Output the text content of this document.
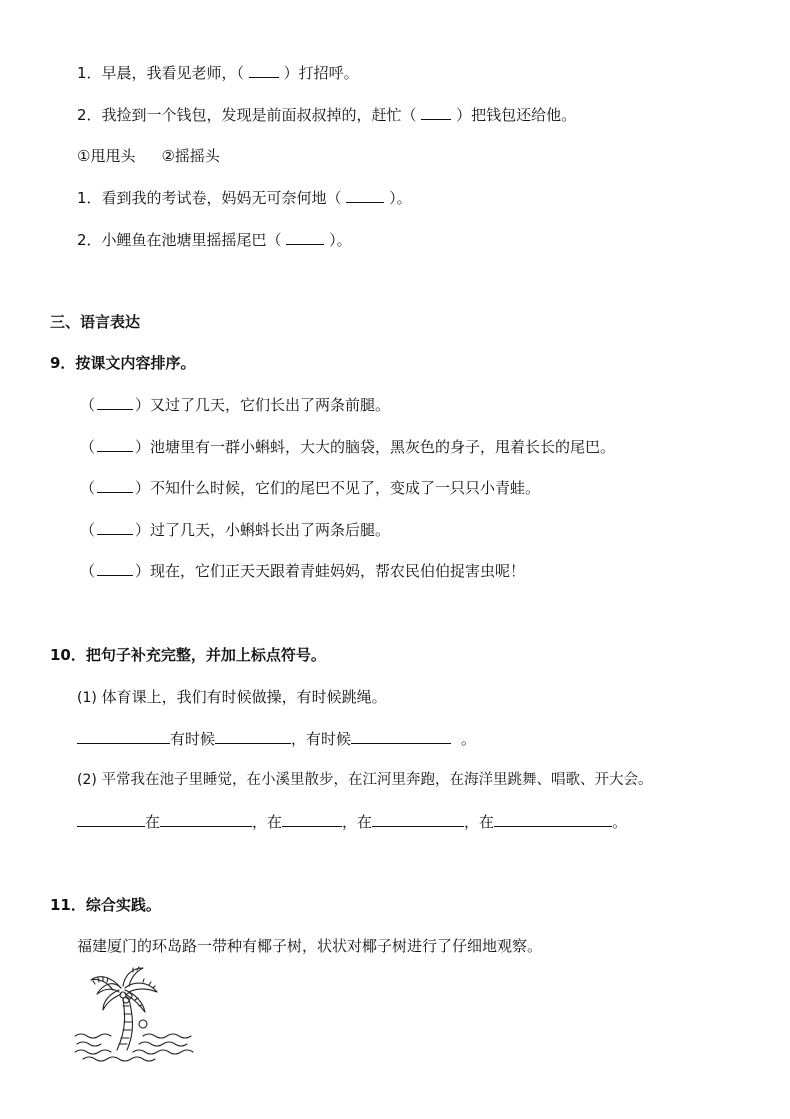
1．早晨，我看见老师，（  ）打招呼。
2．我捡到一个钱包，发现是前面叔叔掉的，赶忙（  ）把钱包还给他。
①甩甩头 ②摇摇头
1．看到我的考试卷，妈妈无可奈何地（	）。
2．小鲤鱼在池塘里摇摇尾巴（	）。
三、语言表达
9．按课文内容排序。
（	）又过了几天，它们长出了两条前腿。
（	）池塘里有一群小蝌蚪，大大的脑袋，黑灰色的身子，甩着长长的尾巴。
（	）不知什么时候，它们的尾巴不见了，变成了一只只小青蛙。
（	）过了几天，小蝌蚪长出了两条后腿。
（	）现在，它们正天天跟着青蛙妈妈，帮农民伯伯捉害虫呢！
10．把句子补充完整，并加上标点符号。
(1) 体育课上，我们有时候做操，有时候跳绳。
有时候	，有时候	。
(2) 平常我在池子里睡觉，在小溪里散步，在江河里奔跑，在海洋里跳舞、唱歌、开大会。
在	，在	，在	，在	。
11．综合实践。
福建厦门的环岛路一带种有椰子树，状状对椰子树进行了仔细地观察。
